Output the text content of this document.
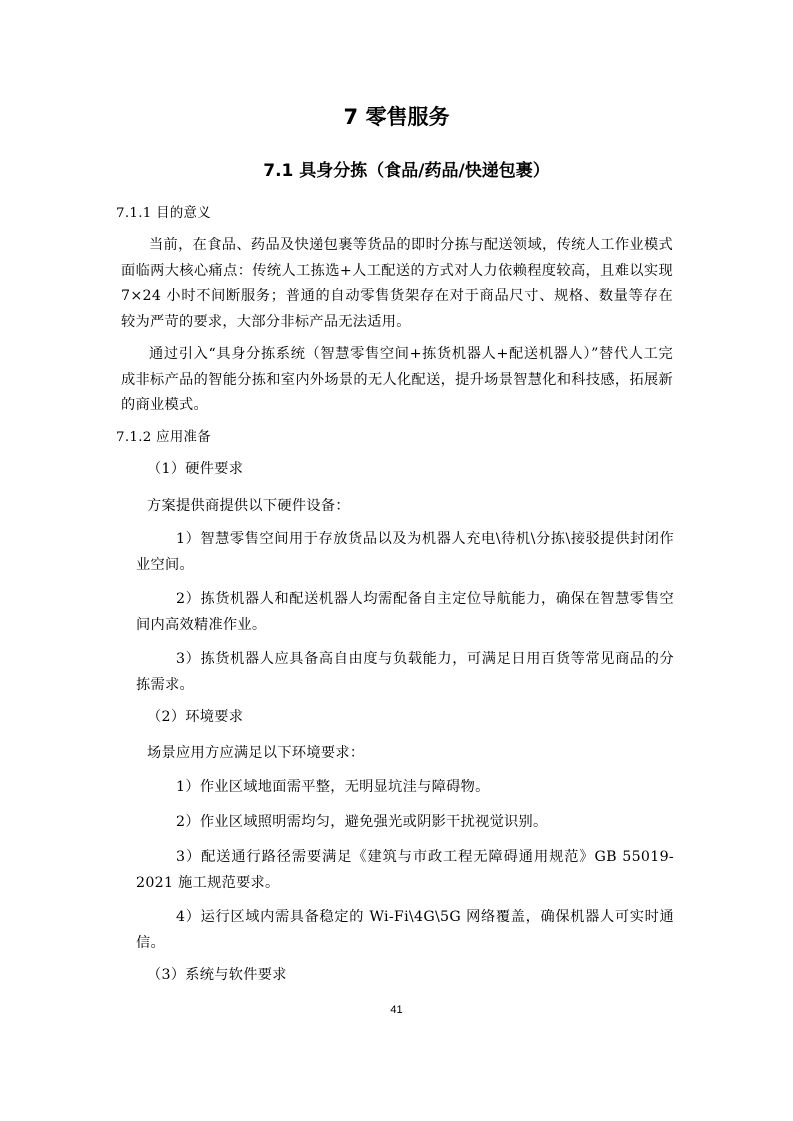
7 零售服务
7.1 具身分拣（食品/药品/快递包裹）
7.1.1 目的意义
当前，在食品、药品及快递包裹等货品的即时分拣与配送领域，传统人工作业模式面临两大核心痛点：传统人工拣选+人工配送的方式对人力依赖程度较高，且难以实现 7×24 小时不间断服务；普通的自动零售货架存在对于商品尺寸、规格、数量等存在较为严苛的要求，大部分非标产品无法适用。
通过引入“具身分拣系统（智慧零售空间+拣货机器人+配送机器人）”替代人工完成非标产品的智能分拣和室内外场景的无人化配送，提升场景智慧化和科技感，拓展新的商业模式。
7.1.2 应用准备
（1）硬件要求
方案提供商提供以下硬件设备：
1）智慧零售空间用于存放货品以及为机器人充电\待机\分拣\接驳提供封闭作业空间。
2）拣货机器人和配送机器人均需配备自主定位导航能力，确保在智慧零售空间内高效精准作业。
3）拣货机器人应具备高自由度与负载能力，可满足日用百货等常见商品的分拣需求。
（2）环境要求
场景应用方应满足以下环境要求：
1）作业区域地面需平整，无明显坑洼与障碍物。
2）作业区域照明需均匀，避免强光或阴影干扰视觉识别。
3）配送通行路径需要满足《建筑与市政工程无障碍通用规范》GB 55019-2021 施工规范要求。
4）运行区域内需具备稳定的 Wi-Fi\4G\5G 网络覆盖，确保机器人可实时通信。
（3）系统与软件要求
41
